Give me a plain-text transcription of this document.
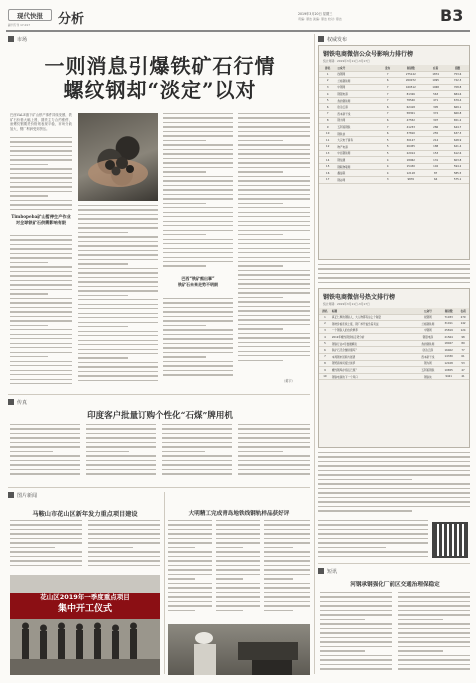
现代快报
副刊专刊 17-017 分析	2019年3月20日 星期三
责编: 谭洁 美编: 谭洁 校对: 谭洁	B3
市场
一则消息引爆铁矿石行情
螺纹钢却“淡定”以对

巴西VALE旗下矿山停产事件持续发酵，铁矿石价格大幅上涨，期货主力合约涨停，而螺纹钢期货价格则表现平稳，市场分歧加大，钢厂利润受到挤压。

Timbopeba矿山暂停生产作业对全球铁矿石供需影响有限
巴西“铁矿熊出事”
铁矿石未来走势不明朗
（姜宇）
权威发布
钢铁电商微信公众号影响力排行榜
统计周期：2019年3月11日-3月17日
排名	公众号	发布	阅读数	在看	指数
1	找钢网	7	275122	1874	753.6
2	兰格钢铁网	6	200072	1095	722.3
3	中钢网	7	160512	1068	708.8
4	钢银电商	7	81326	563	684.6
5	我的钢铁网	7	78540	471	679.4
6	欧冶云商	6	62418	395	669.1
7	西本新干线	7	58301	372	660.8
8	钢为网	6	47552	307	651.2
9	五阿哥钢铁	7	41233	286	644.7
10	钢铁侠	6	37810	255	637.3
11	大汉电子商务	5	30127	214	628.9
12	物产电商	5	26455	188	621.4
13	中拓钢铁网	5	22014	153	612.6
14	钢信通	4	18962	131	603.8
15	钢联物联网	4	15430	102	594.2
16	鑫益联	4	12118	87	585.5
17	钢谷网	3	9876	64	575.1
钢铁电商微信号热文排行榜
统计周期：2019年3月11日-3月17日
排名	标题	公众号	阅读数	在看
1	真正仁厚的钢铁人，大人物都有这么个秘密	找钢网	71933	279
2	钢材价格连续上涨，钢厂却开始急着卖货	兰格钢铁网	31011	142
3	一个钢铁人的自我修养	中钢网	25819	124
4	2019年螺纹钢价格走势分析	钢银电商	21564	98
5	钢铁行业2月数据解读	我的钢铁网	18027	89
6	铁矿石还会继续涨吗？	欧冶云商	16402	77
7	本周钢市回顾与展望	西本新干线	14330	61
8	钢贸商如何度过淡季	钢为网	12108	53
9	螺纹钢库存拐点已现？	五阿哥钢铁	10655	47
10	钢铁电商的下一个风口	钢铁侠	9421	41
传真
印度客户批量订购个性化“石煤”牌用机
图片新闻
马鞍山市花山区新年发力重点项目建设
花山区2019年一季度重点项目
集中开工仪式
大明精工完成青岛地铁线钢轨样品获好评
短讯
河钢承钢强化厂前区交通治理保稳定
